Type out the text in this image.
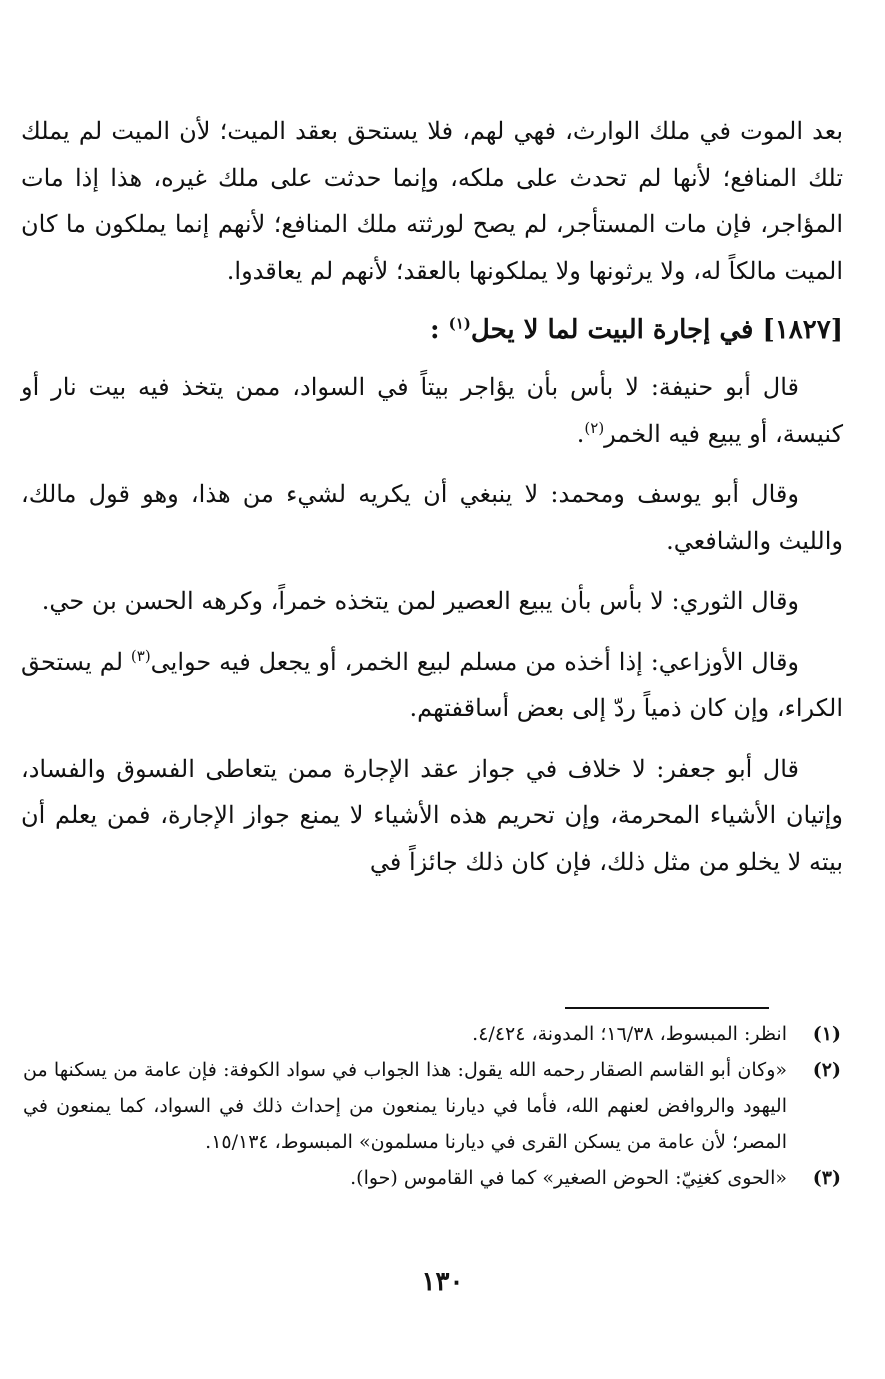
بعد الموت في ملك الوارث، فهي لهم، فلا يستحق بعقد الميت؛ لأن الميت لم يملك تلك المنافع؛ لأنها لم تحدث على ملكه، وإنما حدثت على ملك غيره، هذا إذا مات المؤاجر، فإن مات المستأجر، لم يصح لورثته ملك المنافع؛ لأنهم إنما يملكون ما كان الميت مالكاً له، ولا يرثونها ولا يملكونها بالعقد؛ لأنهم لم يعاقدوا.

[١٨٢٧] في إجارة البيت لما لا يحل$^{(١)}$ :

قال أبو حنيفة: لا بأس بأن يؤاجر بيتاً في السواد، ممن يتخذ فيه بيت نار أو كنيسة، أو يبيع فيه الخمر$^{(٢)}$.

وقال أبو يوسف ومحمد: لا ينبغي أن يكريه لشيء من هذا، وهو قول مالك، والليث والشافعي.

وقال الثوري: لا بأس بأن يبيع العصير لمن يتخذه خمراً، وكرهه الحسن بن حي.

وقال الأوزاعي: إذا أخذه من مسلم لبيع الخمر، أو يجعل فيه حوايى$^{(٣)}$ لم يستحق الكراء، وإن كان ذمياً ردّ إلى بعض أساقفتهم.

قال أبو جعفر: لا خلاف في جواز عقد الإجارة ممن يتعاطى الفسوق والفساد، وإتيان الأشياء المحرمة، وإن تحريم هذه الأشياء لا يمنع جواز الإجارة، فمن يعلم أن بيته لا يخلو من مثل ذلك، فإن كان ذلك جائزاً في

(١)
انظر: المبسوط، ١٦/٣٨؛ المدونة، ٤/٤٢٤.
(٢)
«وكان أبو القاسم الصقار رحمه الله يقول: هذا الجواب في سواد الكوفة: فإن عامة من يسكنها من اليهود والروافض لعنهم الله، فأما في ديارنا يمنعون من إحداث ذلك في السواد، كما يمنعون في المصر؛ لأن عامة من يسكن القرى في ديارنا مسلمون» المبسوط، ١٥/١٣٤.
(٣)
«الحوى كغنِيّ: الحوض الصغير» كما في القاموس (حوا).
١٣٠
